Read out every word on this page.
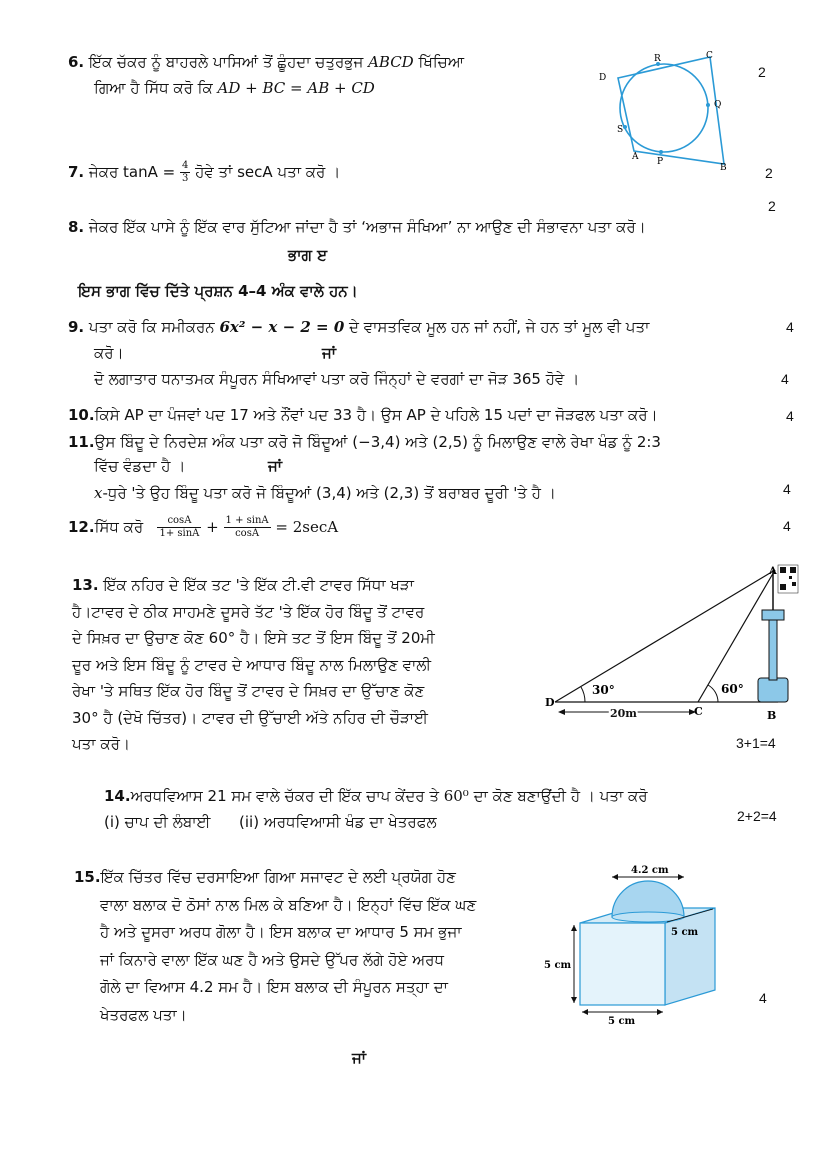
6. ਇੱਕ ਚੱਕਰ ਨੂੰ ਬਾਹਰਲੇ ਪਾਸਿਆਂ ਤੋਂ ਛੂੰਹਦਾ ਚਤੁਰਭੁਜ ABCD ਖਿੱਚਿਆ
ਗਿਆ ਹੈ ਸਿੱਧ ਕਰੋ ਕਿ AD + BC = AB + CD
2
C
R
D
Q
S
A P
B
7. ਜੇਕਰ $\tan A = \frac{4}{3}$ ਹੋਵੇ ਤਾਂ secA ਪਤਾ ਕਰੋ ।	2
2
8. ਜੇਕਰ ਇੱਕ ਪਾਸੇ ਨੂੰ ਇੱਕ ਵਾਰ ਸੁੱਟਿਆ ਜਾਂਦਾ ਹੈ ਤਾਂ ‘ਅਭਾਜ ਸੰਖਿਆ’ ਨਾ ਆਉਣ ਦੀ ਸੰਭਾਵਨਾ ਪਤਾ ਕਰੋ।
ਭਾਗ ੲ
ਇਸ ਭਾਗ ਵਿੱਚ ਦਿੱਤੇ ਪ੍ਰਸ਼ਨ 4–4 ਅੰਕ ਵਾਲੇ ਹਨ।
9. ਪਤਾ ਕਰੋ ਕਿ ਸਮੀਕਰਨ 6x² − x − 2 = 0 ਦੇ ਵਾਸਤਵਿਕ ਮੂਲ ਹਨ ਜਾਂ ਨਹੀਂ, ਜੇ ਹਨ ਤਾਂ ਮੂਲ ਵੀ ਪਤਾ	4
ਕਰੋ।	ਜਾਂ
ਦੋ ਲਗਾਤਾਰ ਧਨਾਤਮਕ ਸੰਪੂਰਨ ਸੰਖਿਆਵਾਂ ਪਤਾ ਕਰੋ ਜਿੰਨ੍ਹਾਂ ਦੇ ਵਰਗਾਂ ਦਾ ਜੋੜ 365 ਹੋਵੇ ।	4
10.ਕਿਸੇ AP ਦਾ ਪੰਜਵਾਂ ਪਦ 17 ਅਤੇ ਨੌਂਵਾਂ ਪਦ 33 ਹੈ। ਉਸ AP ਦੇ ਪਹਿਲੇ 15 ਪਦਾਂ ਦਾ ਜੋੜਫਲ ਪਤਾ ਕਰੋ।	4
11.ਉਸ ਬਿੰਦੂ ਦੇ ਨਿਰਦੇਸ਼ ਅੰਕ ਪਤਾ ਕਰੋ ਜੋ ਬਿੰਦੂਆਂ (−3,4) ਅਤੇ (2,5) ਨੂੰ ਮਿਲਾਉਣ ਵਾਲੇ ਰੇਖਾ ਖੰਡ ਨੂੰ 2:3
ਵਿੱਚ ਵੰਡਦਾ ਹੈ ।	ਜਾਂ
x-ਧੁਰੇ 'ਤੇ ਉਹ ਬਿੰਦੂ ਪਤਾ ਕਰੋ ਜੋ ਬਿੰਦੂਆਂ (3,4) ਅਤੇ (2,3) ਤੋਂ ਬਰਾਬਰ ਦੂਰੀ 'ਤੇ ਹੈ ।	4
12.ਸਿੱਧ ਕਰੋ $\frac{\cos A}{1+ \sin A} + \frac{1 + \sin A}{\cos A} = 2\sec A$	4
13. ਇੱਕ ਨਹਿਰ ਦੇ ਇੱਕ ਤਟ 'ਤੇ ਇੱਕ ਟੀ.ਵੀ ਟਾਵਰ ਸਿੱਧਾ ਖੜਾ
ਹੈ।ਟਾਵਰ ਦੇ ਠੀਕ ਸਾਹਮਣੇ ਦੂਸਰੇ ਤੱਟ 'ਤੇ ਇੱਕ ਹੋਰ ਬਿੰਦੂ ਤੋਂ ਟਾਵਰ
ਦੇ ਸਿਖ਼ਰ ਦਾ ਉਚਾਣ ਕੋਣ 60° ਹੈ। ਇਸੇ ਤਟ ਤੋਂ ਇਸ ਬਿੰਦੂ ਤੋਂ 20ਮੀ
ਦੂਰ ਅਤੇ ਇਸ ਬਿੰਦੂ ਨੂੰ ਟਾਵਰ ਦੇ ਆਧਾਰ ਬਿੰਦੂ ਨਾਲ ਮਿਲਾਉਣ ਵਾਲੀ
ਰੇਖਾ 'ਤੇ ਸਥਿਤ ਇੱਕ ਹੋਰ ਬਿੰਦੂ ਤੋਂ ਟਾਵਰ ਦੇ ਸਿਖ਼ਰ ਦਾ ਉੱਚਾਣ ਕੋਣ
30° ਹੈ (ਦੇਖੋ ਚਿੱਤਰ)। ਟਾਵਰ ਦੀ ਉੱਚਾਈ ਅੱਤੇ ਨਹਿਰ ਦੀ ਚੌੜਾਈ
ਪਤਾ ਕਰੋ।
A
B
C
D
30°	60°
20m
3+1=4
14.ਅਰਧਵਿਆਸ 21 ਸਮ ਵਾਲੇ ਚੱਕਰ ਦੀ ਇੱਕ ਚਾਪ ਕੇਂਦਰ ਤੇ 60⁰ ਦਾ ਕੋਣ ਬਣਾਉਂਦੀ ਹੈ । ਪਤਾ ਕਰੋ
2+2=4
(i) ਚਾਪ ਦੀ ਲੰਬਾਈ      (ii) ਅਰਧਵਿਆਸੀ ਖੰਡ ਦਾ ਖੇਤਰਫਲ
15.ਇੱਕ ਚਿੱਤਰ ਵਿੱਚ ਦਰਸਾਇਆ ਗਿਆ ਸਜਾਵਟ ਦੇ ਲਈ ਪ੍ਰਯੋਗ ਹੋਣ
ਵਾਲਾ ਬਲਾਕ ਦੋ ਠੋਸਾਂ ਨਾਲ ਮਿਲ ਕੇ ਬਣਿਆ ਹੈ। ਇਨ੍ਹਾਂ ਵਿੱਚ ਇੱਕ ਘਣ
ਹੈ ਅਤੇ ਦੂਸਰਾ ਅਰਧ ਗੋਲਾ ਹੈ। ਇਸ ਬਲਾਕ ਦਾ ਆਧਾਰ 5 ਸਮ ਭੁਜਾ
ਜਾਂ ਕਿਨਾਰੇ ਵਾਲਾ ਇੱਕ ਘਣ ਹੈ ਅਤੇ ਉਸਦੇ ਉੱਪਰ ਲੱਗੇ ਹੋਏ ਅਰਧ
ਗੋਲੇ ਦਾ ਵਿਆਸ 4.2 ਸਮ ਹੈ। ਇਸ ਬਲਾਕ ਦੀ ਸੰਪੂਰਨ ਸਤ੍ਹਾ ਦਾ
ਖੇਤਰਫਲ ਪਤਾ।
4.2 cm
5 cm
5 cm
5 cm
4
ਜਾਂ
